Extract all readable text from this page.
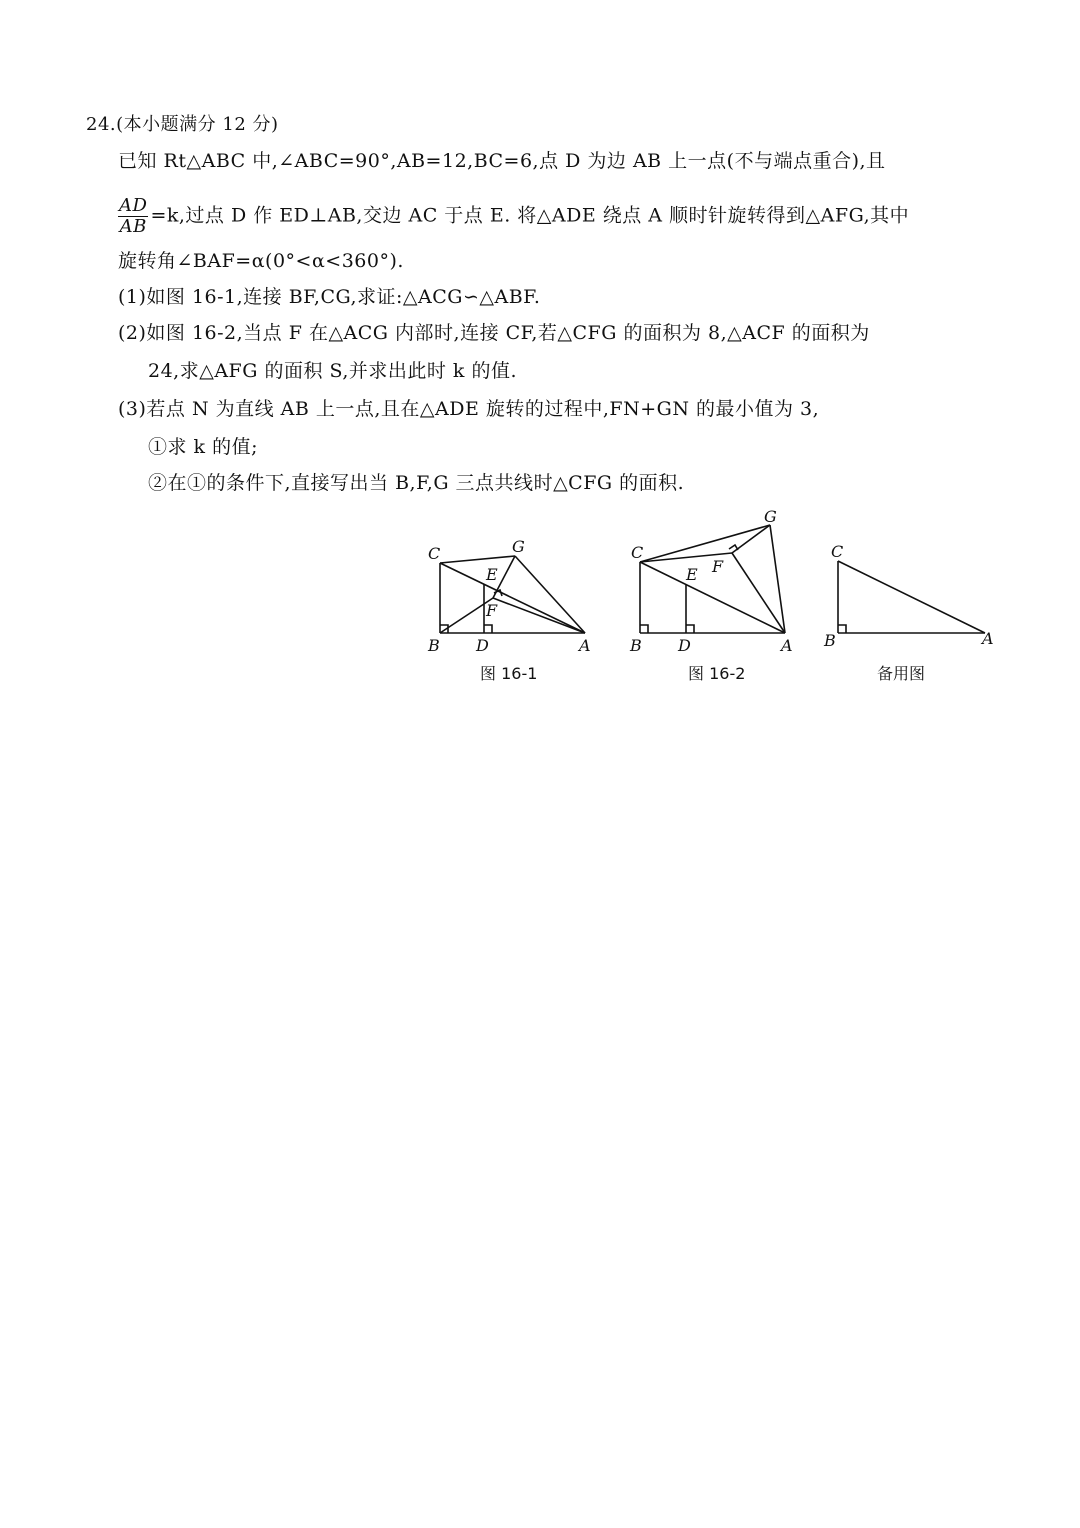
24.(本小题满分 12 分)
已知 Rt△ABC 中,∠ABC=90°,AB=12,BC=6,点 D 为边 AB 上一点(不与端点重合),且
$\frac{AD}{AB} =k$,过点 D 作 ED⊥AB,交边 AC 于点 E. 将△ADE 绕点 A 顺时针旋转得到△AFG,其中
旋转角∠BAF=α(0°<α<360°).
(1)如图 16-1,连接 BF,CG,求证:△ACG∽△ABF.
(2)如图 16-2,当点 F 在△ACG 内部时,连接 CF,若△CFG 的面积为 8,△ACF 的面积为
24,求△AFG 的面积 S,并求出此时 k 的值.
(3)若点 N 为直线 AB 上一点,且在△ADE 旋转的过程中,FN+GN 的最小值为 3,
①求 k 的值;
②在①的条件下,直接写出当 B,F,G 三点共线时△CFG 的面积.
C	G
E
F
B D	A
C
G
E F
B D	A
C
B	A
图 16-1	图 16-2	备用图
